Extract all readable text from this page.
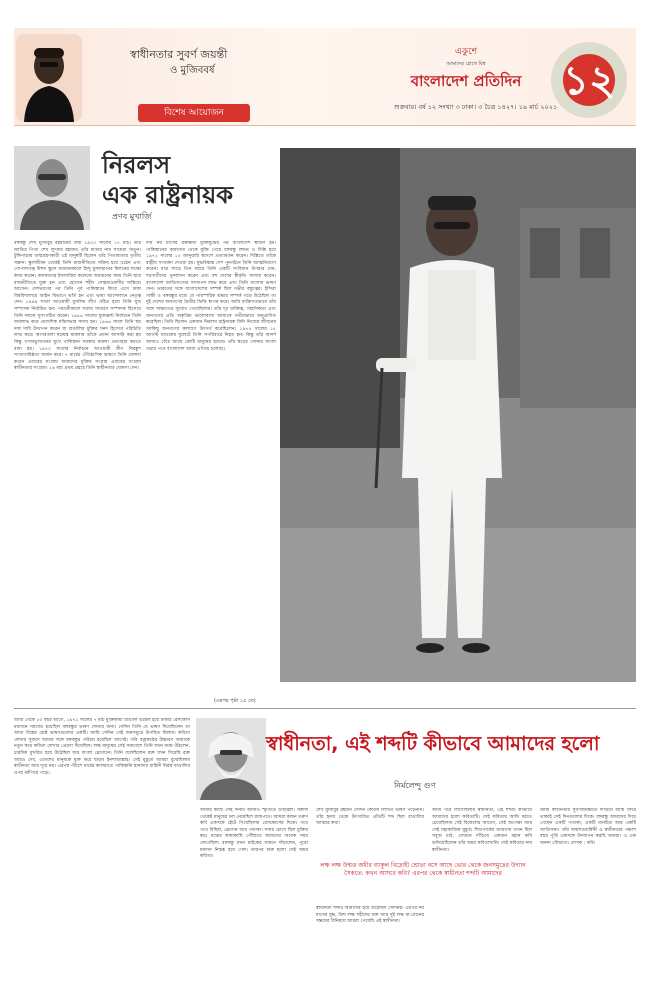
স্বাধীনতার সুবর্ণ জয়ন্তী
ও মুজিববর্ষ
বিশেষ আয়োজন
একুশে
আমাদের চোখে বিশ্ব
বাংলাদেশ প্রতিদিন
শুক্রবার। বর্ষ ১২ সংখ্যা ৩ ঢাকা। ৩ চৈত্র ১৪২৭। ১৯ মার্চ ২০২১
১২
নিরলস
এক রাষ্ট্রনায়ক
প্রণব মুখার্জি
বঙ্গবন্ধু শেখ মুজিবুর রহমানের জন্ম ১৯২০ সালের ১৭ মার্চ। তাঁর জাতির পিতা শেখ লুৎফর রহমান। তাঁর মাতার নাম সায়েরা খাতুন। টুঙ্গিপাড়ায় জন্মগ্রহণকারী এই মানুষটি ছিলেন তাঁর পিতামাতার তৃতীয় সন্তান। স্কুলজীবন থেকেই তিনি রাজনীতিতে সক্রিয় হয়ে ওঠেন এবং গোপালগঞ্জ মিশন স্কুলে অধ্যয়নকালে হিন্দু মুসলমানের মিলনের লক্ষ্যে কাজ করেন। কলকাতার ইসলামিয়া কলেজে অধ্যয়নের সময় তিনি ছাত্র রাজনীতিতে যুক্ত হন এবং হোসেন শহীদ সোহরাওয়ার্দীর সান্নিধ্যে আসেন। দেশভাগের পর তিনি পূর্ব পাকিস্তানে ফিরে এসে ঢাকা বিশ্ববিদ্যালয়ে আইন বিভাগে ভর্তি হন এবং ভাষা আন্দোলনে নেতৃত্ব দেন। ১৯৪৯ সালে আওয়ামী মুসলিম লীগ গঠিত হলে তিনি যুগ্ম সম্পাদক নির্বাচিত হন। পরবর্তীকালে দলের সাধারণ সম্পাদক হিসেবে তিনি দলকে সুসংগঠিত করেন। ১৯৫৪ সালের যুক্তফ্রন্ট নির্বাচনে তিনি জয়লাভ করে প্রাদেশিক মন্ত্রিসভার সদস্য হন। ১৯৬৬ সালে তিনি ছয় দফা দাবি উত্থাপন করেন যা বাঙালির মুক্তির সনদ হিসেবে পরিচিতি লাভ করে। আগরতলা ষড়যন্ত্র মামলায় তাঁকে প্রধান আসামি করা হয় কিন্তু গণঅভ্যুত্থানের মুখে পাকিস্তান সরকার মামলা প্রত্যাহার করতে বাধ্য হয়। ১৯৭০ সালের নির্বাচনে আওয়ামী লীগ নিরঙ্কুশ সংখ্যাগরিষ্ঠতা অর্জন করে। ৭ মার্চের ঐতিহাসিক ভাষণে তিনি ঘোষণা করেন এবারের সংগ্রাম আমাদের মুক্তির সংগ্রাম এবারের সংগ্রাম স্বাধীনতার সংগ্রাম। ২৬ মার্চ প্রথম প্রহরে তিনি স্বাধীনতার ঘোষণা দেন।
দীর্ঘ নয় মাসের রক্তক্ষয়ী মুক্তিযুদ্ধের পর বাংলাদেশ স্বাধীন হয়। পাকিস্তানের কারাগার থেকে মুক্তি পেয়ে বঙ্গবন্ধু লন্ডন ও দিল্লি হয়ে ১৯৭২ সালের ১০ জানুয়ারি স্বদেশে প্রত্যাবর্তন করেন। দিল্লিতে তাঁকে রাষ্ট্রীয় সংবর্ধনা দেওয়া হয়। যুদ্ধবিধ্বস্ত দেশ পুনর্গঠনে তিনি আত্মনিয়োগ করেন। মাত্র সাড়ে তিন বছরে তিনি একটি সংবিধান উপহার দেন, শরণার্থীদের পুনর্বাসন করেন এবং বহু দেশের স্বীকৃতি আদায় করেন। বাংলাদেশ জাতিসংঘের সদস্যপদ লাভ করে এবং তিনি বাংলায় ভাষণ দেন। ভারতের সঙ্গে বাংলাদেশের সম্পর্ক ছিল গভীর বন্ধুত্বের। ইন্দিরা গান্ধী ও বঙ্গবন্ধুর মধ্যে যে পারস্পরিক শ্রদ্ধার সম্পর্ক গড়ে উঠেছিল তা দুই দেশের জনগণের মৈত্রীর ভিত্তি স্থাপন করে। আমি ব্যক্তিগতভাবে তাঁর সঙ্গে সাক্ষাতের সুযোগ পেয়েছিলাম। তাঁর দৃঢ় ব্যক্তিত্ব, সাহসিকতা এবং জনগণের প্রতি অকৃত্রিম ভালোবাসা আমাকে গভীরভাবে অনুপ্রাণিত করেছিল। তিনি ছিলেন একজন নিরলস রাষ্ট্রনায়ক যিনি নিজের জীবনের সবকিছু জনগণের কল্যাণে উৎসর্গ করেছিলেন। ১৯৭৫ সালের ১৫ আগস্ট ঘাতকের বুলেটে তিনি সপরিবারে নিহত হন। কিন্তু তাঁর আদর্শ আজও বেঁচে আছে কোটি মানুষের হৃদয়ে। তাঁর স্বপ্নের সোনার বাংলা গড়ার পথে বাংলাদেশ আজ এগিয়ে চলেছে।
(এরপর পৃষ্ঠা ১৫ তে)
আজ থেকে ৫০ বছর আগে, ১৯৭১ সালের ৭ মার্চ মুক্তিকামী বাঙালি উদ্বেল হয়ে ঢাকার রেসকোর্স ময়দানে সমবেত হয়েছিল বঙ্গবন্ধুর ভাষণ শোনার জন্য। সেদিন তিনি যে ভাষণ দিয়েছিলেন তা আজ বিশ্বের শ্রেষ্ঠ ভাষণগুলোর একটি। আমি সেদিন সেই জনসমুদ্রে উপস্থিত ছিলাম। কবিতা লেখার সুবাদে আমার সঙ্গে বঙ্গবন্ধুর পরিচয় হয়েছিল আগেই। তাঁর বজ্রকণ্ঠের উচ্চারণ আমাকে নতুন করে কবিতা লেখার প্রেরণা দিয়েছিল। লক্ষ মানুষের সেই সমাবেশে তিনি যখন মঞ্চে উঠলেন, চারদিক মুখরিত হয়ে উঠেছিল জয় বাংলা স্লোগানে। তিনি বলেছিলেন রক্ত যখন দিয়েছি রক্ত আরও দেব, এদেশের মানুষকে মুক্ত করে ছাড়ব ইনশাআল্লাহ। সেই মুহূর্তে আমরা বুঝেছিলাম স্বাধীনতা আর দূরে নয়। এরপর পঁচিশে মার্চের কালরাতে পাকিস্তানি হানাদার বাহিনী নিরস্ত্র বাঙালির ওপর ঝাঁপিয়ে পড়ে।
স্বাধীনতা, এই শব্দটি কীভাবে আমাদের হলো
নির্মলেন্দু গুণ
আমার কাছে সেই দিনটি আজও স্মৃতিতে উজ্জ্বল। সকাল থেকেই মানুষের ঢল নেমেছিল রাজপথে। আমরা কজন তরুণ কবি একসঙ্গে হেঁটে গিয়েছিলাম রেসকোর্সের দিকে। পথে পথে মিছিল, স্লোগান আর পতাকা। সবার চোখে ছিল মুক্তির স্বপ্ন। মঞ্চের কাছাকাছি পৌঁছাতে আমাদের অনেক সময় লেগেছিল। বঙ্গবন্ধু যখন মাইকের সামনে দাঁড়ালেন, পুরো ময়দান নিস্তব্ধ হয়ে গেল। তারপর শুরু হলো সেই অমর কবিতা।
শেখ মুজিবুর রহমান সেদিন কোনো লিখিত ভাষণ পড়েননি। তাঁর হৃদয় থেকে উৎসারিত প্রতিটি শব্দ ছিল বাঙালির আত্মার কথা।
লক্ষ লক্ষ উন্মত্ত অধীর ব্যাকুল বিদ্রোহী শ্রোতা বসে আছে ভোর থেকে জনসমুদ্রের উদ্যান সৈকতে: কখন আসবে কবি? এরপর থেকে স্বাধীনতা শব্দটি আমাদের
স্বাধীনতা শব্দটি আমাদের হয়ে উঠেছিল সেদিনই। এরপর নয় মাসের যুদ্ধ, ত্রিশ লক্ষ শহীদের রক্ত আর দুই লক্ষ মা-বোনের সম্ভ্রমের বিনিময়ে আমরা পেয়েছি এই স্বাধীনতা।
আমি পরে লিখেছিলাম স্বাধীনতা, এই শব্দটি কীভাবে আমাদের হলো কবিতাটি। সেই কবিতায় আমি ধরতে চেয়েছিলাম সেই বিকেলের আবেগ, সেই অপেক্ষা আর সেই মহাকাব্যিক মুহূর্ত। শিশুপার্কের জায়গায় তখন ছিল সবুজ মাঠ, যেখানে দাঁড়িয়ে একজন মহান কবি শুনিয়েছিলেন তাঁর অমর কবিতাখানি। সেই কবিতার নাম স্বাধীনতা।
আজ স্বাধীনতার সুবর্ণজয়ন্তীতে দাঁড়িয়ে আমি ফিরে তাকাই সেই দিনগুলোর দিকে। বঙ্গবন্ধু আমাদের দিয়ে গেছেন একটি পতাকা, একটি মানচিত্র আর একটি জাতিসত্তা। তাঁর জন্মশতবার্ষিকী ও স্বাধীনতার পঞ্চাশ বছর পূর্তি একসঙ্গে উদযাপন করছি আমরা। এ এক অনন্য সৌভাগ্য। লেখক : কবি।
